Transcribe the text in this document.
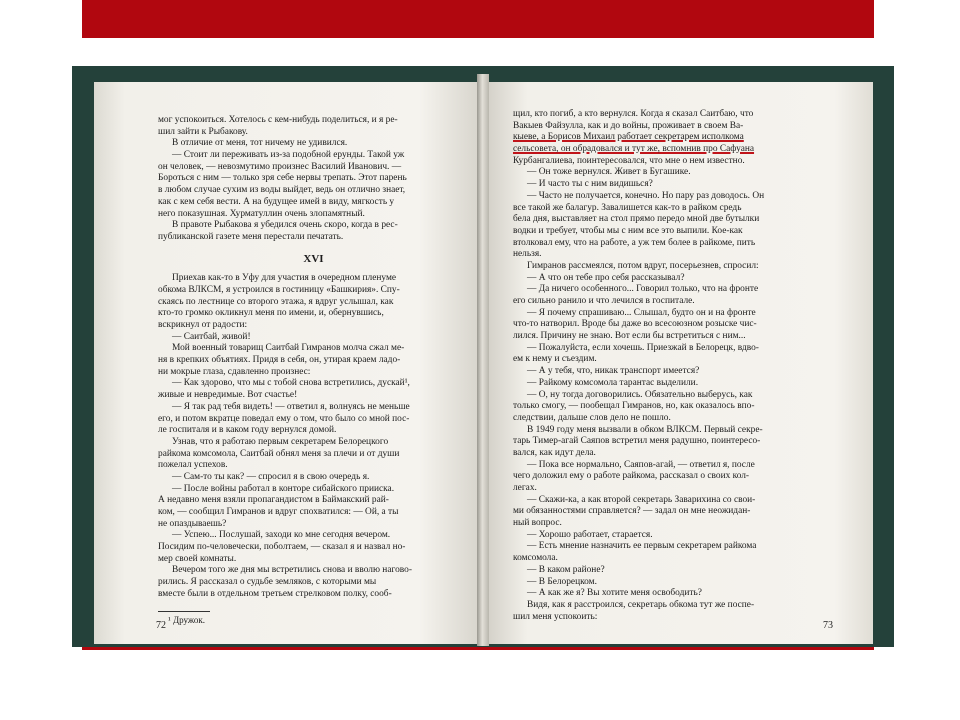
мог успокоиться. Хотелось с кем-нибудь поделиться, и я ре-
шил зайти к Рыбакову.
В отличие от меня, тот ничему не удивился.
— Стоит ли переживать из-за подобной ерунды. Такой уж
он человек, — невозмутимо произнес Василий Иванович. —
Бороться с ним — только зря себе нервы трепать. Этот парень
в любом случае сухим из воды выйдет, ведь он отлично знает,
как с кем себя вести. А на будущее имей в виду, мягкость у
него показушная. Хурматуллин очень злопамятный.
В правоте Рыбакова я убедился очень скоро, когда в рес-
публиканской газете меня перестали печатать.
XVI
Приехав как-то в Уфу для участия в очередном пленуме
обкома ВЛКСМ, я устроился в гостиницу «Башкирия». Спу-
скаясь по лестнице со второго этажа, я вдруг услышал, как
кто-то громко окликнул меня по имени, и, обернувшись,
вскрикнул от радости:
— Саитбай, живой!
Мой военный товарищ Саитбай Гимранов молча сжал ме-
ня в крепких объятиях. Придя в себя, он, утирая краем ладо-
ни мокрые глаза, сдавленно произнес:
— Как здорово, что мы с тобой снова встретились, дускай¹,
живые и невредимые. Вот счастье!
— Я так рад тебя видеть! — ответил я, волнуясь не меньше
его, и потом вкратце поведал ему о том, что было со мной пос-
ле госпиталя и в каком году вернулся домой.
Узнав, что я работаю первым секретарем Белорецкого
райкома комсомола, Саитбай обнял меня за плечи и от души
пожелал успехов.
— Сам-то ты как? — спросил я в свою очередь я.
— После войны работал в конторе сибайского прииска.
А недавно меня взяли пропагандистом в Баймакский рай-
ком, — сообщил Гимранов и вдруг спохватился: — Ой, а ты
не опаздываешь?
— Успею... Послушай, заходи ко мне сегодня вечером.
Посидим по-человечески, поболтаем, — сказал я и назвал но-
мер своей комнаты.
Вечером того же дня мы встретились снова и вволю нагово-
рились. Я рассказал о судьбе земляков, с которыми мы
вместе были в отдельном третьем стрелковом полку, сооб-
¹ Дружок.
72
щил, кто погиб, а кто вернулся. Когда я сказал Саитбаю, что
Вакыев Файзулла, как и до войны, проживает в своем Ва-
кыеве, а Борисов Михаил работает секретарем исполкома
сельсовета, он обрадовался и тут же, вспомнив про Сафуана
Курбангалиева, поинтересовался, что мне о нем известно.
— Он тоже вернулся. Живет в Бугашике.
— И часто ты с ним видишься?
— Часто не получается, конечно. Но пару раз доводось. Он
все такой же балагур. Завалишется как-то в райком средь
бела дня, выставляет на стол прямо передо мной две бутылки
водки и требует, чтобы мы с ним все это выпили. Кое-как
втолковал ему, что на работе, а уж тем более в райкоме, пить
нельзя.
Гимранов рассмеялся, потом вдруг, посерьезнев, спросил:
— А что он тебе про себя рассказывал?
— Да ничего особенного... Говорил только, что на фронте
его сильно ранило и что лечился в госпитале.
— Я почему спрашиваю... Слышал, будто он и на фронте
что-то натворил. Вроде бы даже во всесоюзном розыске чис-
лился. Причину не знаю. Вот если бы встретиться с ним...
— Пожалуйста, если хочешь. Приезжай в Белорецк, вдво-
ем к нему и съездим.
— А у тебя, что, никак транспорт имеется?
— Райкому комсомола тарантас выделили.
— О, ну тогда договорились. Обязательно выберусь, как
только смогу, — пообещал Гимранов, но, как оказалось впо-
следствии, дальше слов дело не пошло.
В 1949 году меня вызвали в обком ВЛКСМ. Первый секре-
тарь Тимер-агай Саяпов встретил меня радушно, поинтересо-
вался, как идут дела.
— Пока все нормально, Саяпов-агай, — ответил я, после
чего доложил ему о работе райкома, рассказал о своих кол-
легах.
— Скажи-ка, а как второй секретарь Заварихина со свои-
ми обязанностями справляется? — задал он мне неожидан-
ный вопрос.
— Хорошо работает, старается.
— Есть мнение назначить ее первым секретарем райкома
комсомола.
— В каком районе?
— В Белорецком.
— А как же я? Вы хотите меня освободить?
Видя, как я расстроился, секретарь обкома тут же поспе-
шил меня успокоить:
73
